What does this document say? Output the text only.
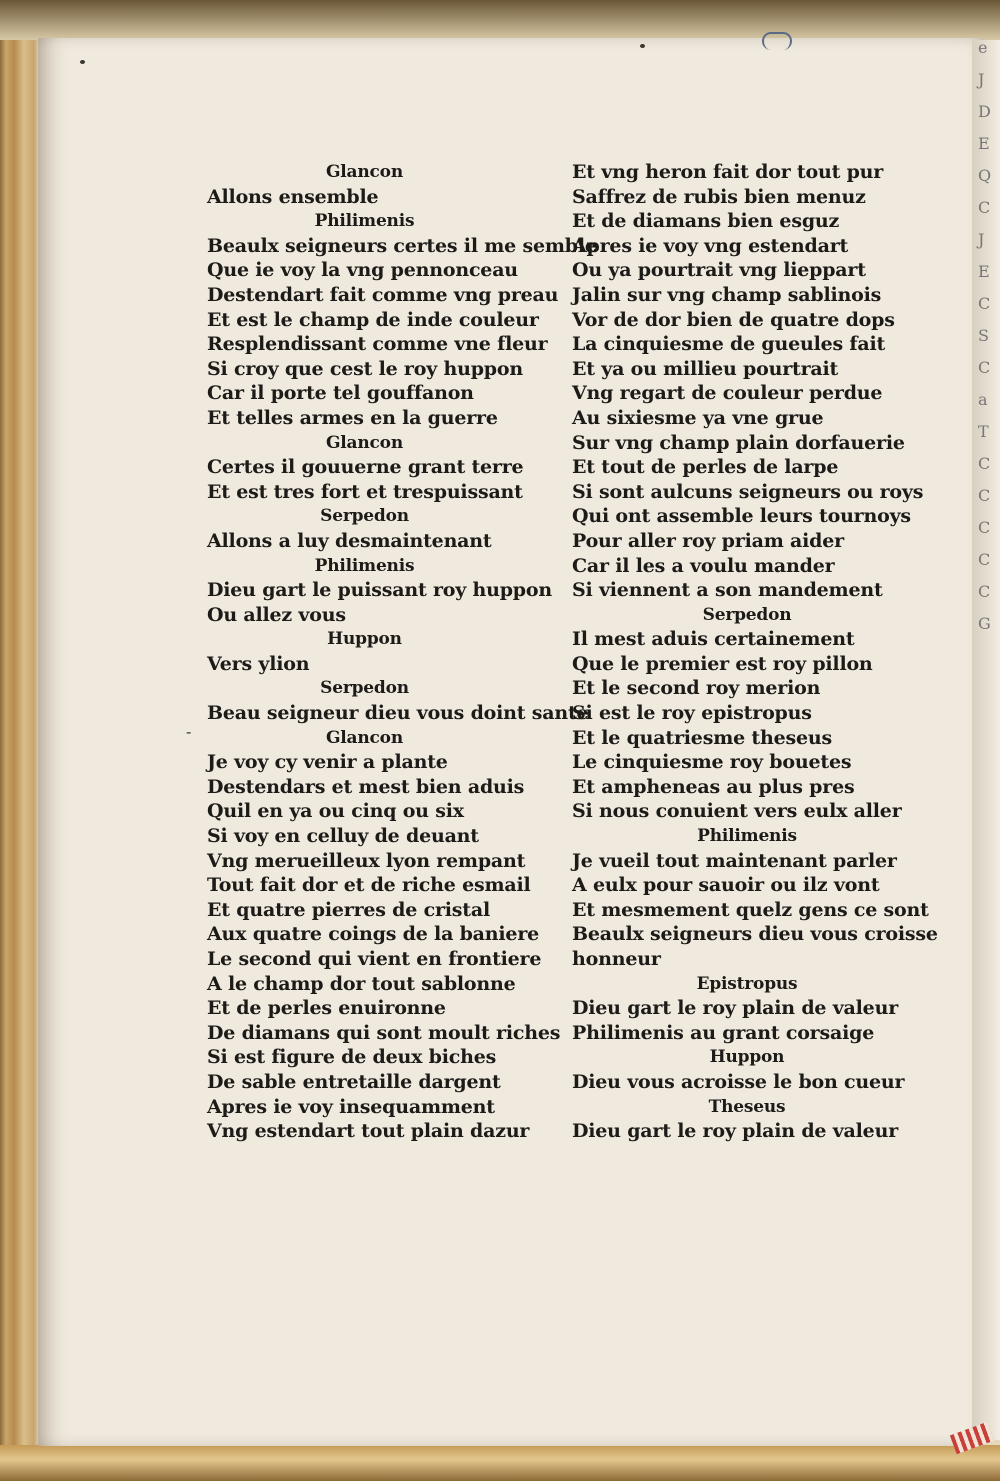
e
J
D
E
Q
C
J
E
C
S
C
a
T
C
C
C
C
C
G
-
Glancon
Allons ensemble
Philimenis
Beaulx seigneurs certes il me semble
Que ie voy la vng pennonceau
Destendart fait comme vng preau
Et est le champ de inde couleur
Resplendissant comme vne fleur
Si croy que cest le roy huppon
Car il porte tel gouffanon
Et telles armes en la guerre
Glancon
Certes il gouuerne grant terre
Et est tres fort et trespuissant
Serpedon
Allons a luy desmaintenant
Philimenis
Dieu gart le puissant roy huppon
Ou allez vous
Huppon
Vers ylion
Serpedon
Beau seigneur dieu vous doint sante
Glancon
Je voy cy venir a plante
Destendars et mest bien aduis
Quil en ya ou cinq ou six
Si voy en celluy de deuant
Vng merueilleux lyon rempant
Tout fait dor et de riche esmail
Et quatre pierres de cristal
Aux quatre coings de la baniere
Le second qui vient en frontiere
A le champ dor tout sablonne
Et de perles enuironne
De diamans qui sont moult riches
Si est figure de deux biches
De sable entretaille dargent
Apres ie voy insequamment
Vng estendart tout plain dazur
Et vng heron fait dor tout pur
Saffrez de rubis bien menuz
Et de diamans bien esguz
Apres ie voy vng estendart
Ou ya pourtrait vng lieppart
Jalin sur vng champ sablinois
Vor de dor bien de quatre dops
La cinquiesme de gueules fait
Et ya ou millieu pourtrait
Vng regart de couleur perdue
Au sixiesme ya vne grue
Sur vng champ plain dorfauerie
Et tout de perles de larpe
Si sont aulcuns seigneurs ou roys
Qui ont assemble leurs tournoys
Pour aller roy priam aider
Car il les a voulu mander
Si viennent a son mandement
Serpedon
Il mest aduis certainement
Que le premier est roy pillon
Et le second roy merion
Si est le roy epistropus
Et le quatriesme theseus
Le cinquiesme roy bouetes
Et ampheneas au plus pres
Si nous conuient vers eulx aller
Philimenis
Je vueil tout maintenant parler
A eulx pour sauoir ou ilz vont
Et mesmement quelz gens ce sont
Beaulx seigneurs dieu vous croisse
honneur
Epistropus
Dieu gart le roy plain de valeur
Philimenis au grant corsaige
Huppon
Dieu vous acroisse le bon cueur
Theseus
Dieu gart le roy plain de valeur
